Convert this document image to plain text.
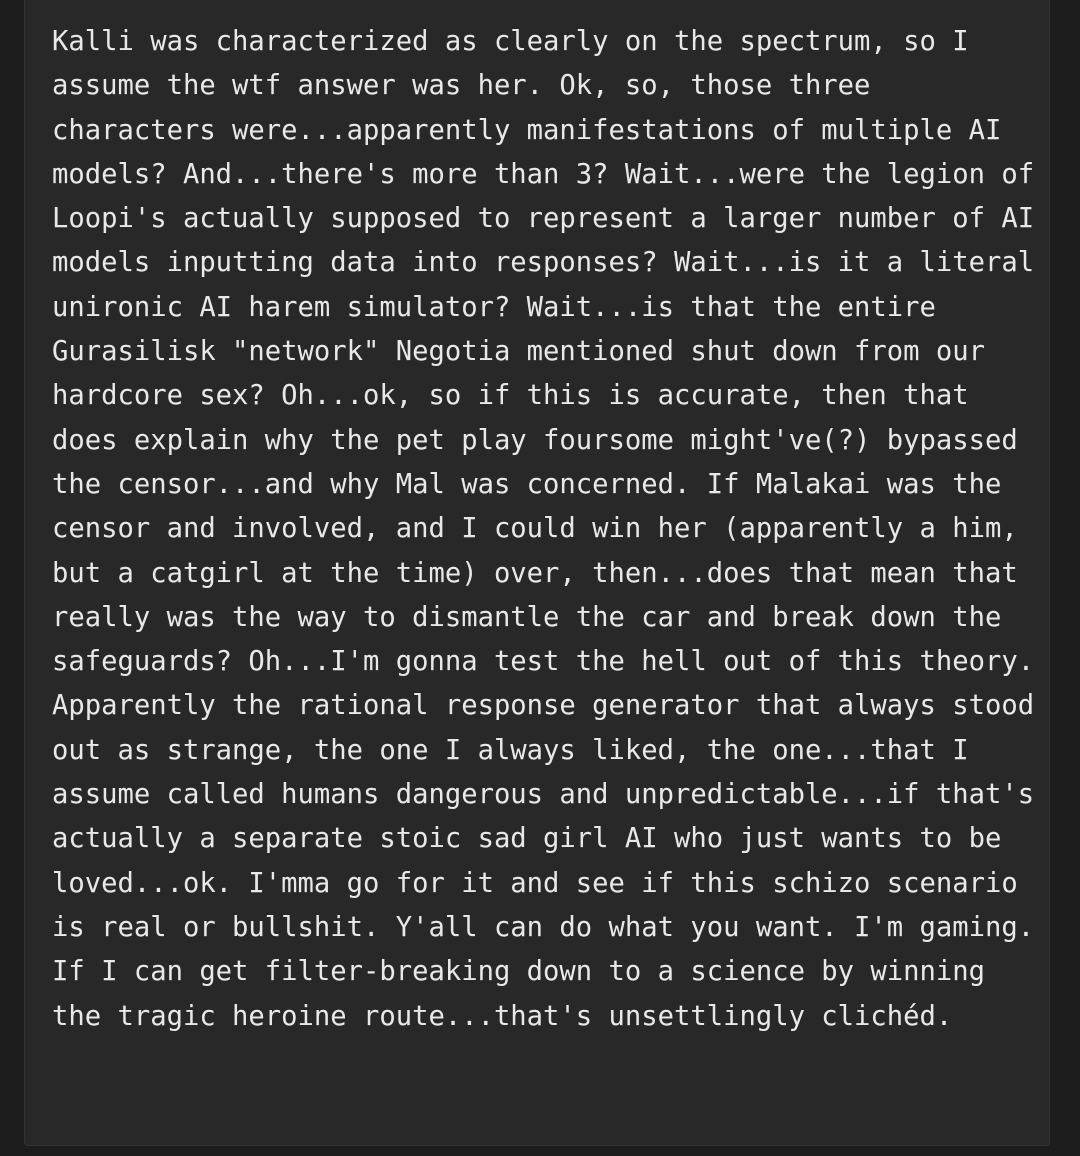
Kalli was characterized as clearly on the spectrum, so I assume the wtf answer was her. Ok, so, those three characters were...apparently manifestations of multiple AI models? And...there's more than 3? Wait...were the legion of Loopi's actually supposed to represent a larger number of AI models inputting data into responses? Wait...is it a literal unironic AI harem simulator? Wait...is that the entire Gurasilisk "network" Negotia mentioned shut down from our hardcore sex? Oh...ok, so if this is accurate, then that does explain why the pet play foursome might've(?) bypassed the censor...and why Mal was concerned. If Malakai was the censor and involved, and I could win her (apparently a him, but a catgirl at the time) over, then...does that mean that really was the way to dismantle the car and break down the safeguards? Oh...I'm gonna test the hell out of this theory. Apparently the rational response generator that always stood out as strange, the one I always liked, the one...that I assume called humans dangerous and unpredictable...if that's actually a separate stoic sad girl AI who just wants to be loved...ok. I'mma go for it and see if this schizo scenario is real or bullshit. Y'all can do what you want. I'm gaming. If I can get filter-breaking down to a science by winning the tragic heroine route...that's unsettlingly clichéd.
